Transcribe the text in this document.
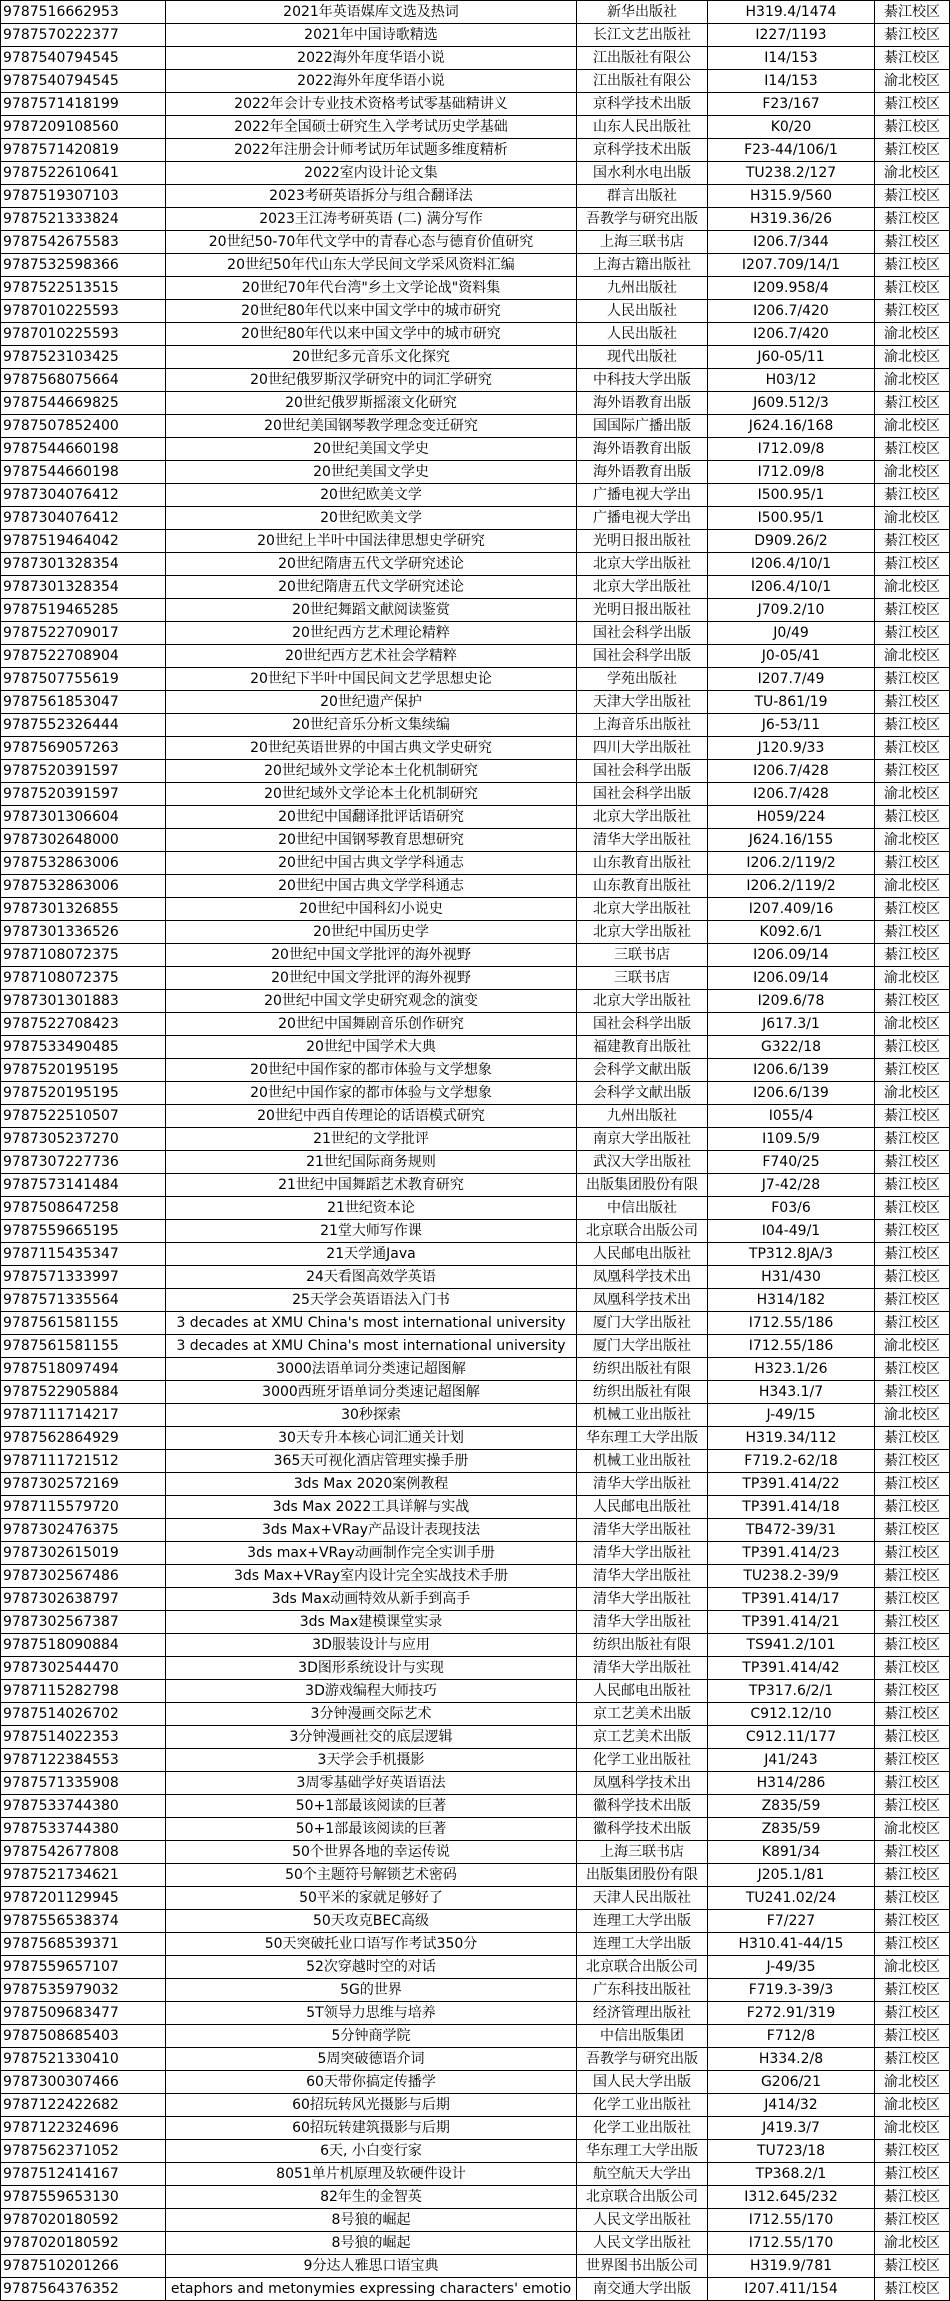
9787516662953	2021年英语媒库文选及热词	新华出版社	H319.4/1474	綦江校区
9787570222377	2021年中国诗歌精选	长江文艺出版社	I227/1193	綦江校区
9787540794545	2022海外年度华语小说	江出版社有限公	I14/153	綦江校区
9787540794545	2022海外年度华语小说	江出版社有限公	I14/153	渝北校区
9787571418199	2022年会计专业技术资格考试零基础精讲义	京科学技术出版	F23/167	綦江校区
9787209108560	2022年全国硕士研究生入学考试历史学基础	山东人民出版社	K0/20	綦江校区
9787571420819	2022年注册会计师考试历年试题多维度精析	京科学技术出版	F23-44/106/1	綦江校区
9787522610641	2022室内设计论文集	国水利水电出版	TU238.2/127	渝北校区
9787519307103	2023考研英语拆分与组合翻译法	群言出版社	H315.9/560	綦江校区
9787521333824	2023王江涛考研英语 (二) 满分写作	吾教学与研究出版	H319.36/26	綦江校区
9787542675583	20世纪50-70年代文学中的青春心态与德育价值研究	上海三联书店	I206.7/344	綦江校区
9787532598366	20世纪50年代山东大学民间文学采风资料汇编	上海古籍出版社	I207.709/14/1	綦江校区
9787522513515	20世纪70年代台湾"乡土文学论战"资料集	九州出版社	I209.958/4	綦江校区
9787010225593	20世纪80年代以来中国文学中的城市研究	人民出版社	I206.7/420	綦江校区
9787010225593	20世纪80年代以来中国文学中的城市研究	人民出版社	I206.7/420	渝北校区
9787523103425	20世纪多元音乐文化探究	现代出版社	J60-05/11	渝北校区
9787568075664	20世纪俄罗斯汉学研究中的词汇学研究	中科技大学出版	H03/12	渝北校区
9787544669825	20世纪俄罗斯摇滚文化研究	海外语教育出版	J609.512/3	綦江校区
9787507852400	20世纪美国钢琴教学理念变迁研究	国国际广播出版	J624.16/168	渝北校区
9787544660198	20世纪美国文学史	海外语教育出版	I712.09/8	綦江校区
9787544660198	20世纪美国文学史	海外语教育出版	I712.09/8	渝北校区
9787304076412	20世纪欧美文学	广播电视大学出	I500.95/1	綦江校区
9787304076412	20世纪欧美文学	广播电视大学出	I500.95/1	渝北校区
9787519464042	20世纪上半叶中国法律思想史学研究	光明日报出版社	D909.26/2	綦江校区
9787301328354	20世纪隋唐五代文学研究述论	北京大学出版社	I206.4/10/1	綦江校区
9787301328354	20世纪隋唐五代文学研究述论	北京大学出版社	I206.4/10/1	渝北校区
9787519465285	20世纪舞蹈文献阅读鉴赏	光明日报出版社	J709.2/10	綦江校区
9787522709017	20世纪西方艺术理论精粹	国社会科学出版	J0/49	綦江校区
9787522708904	20世纪西方艺术社会学精粹	国社会科学出版	J0-05/41	渝北校区
9787507755619	20世纪下半叶中国民间文艺学思想史论	学苑出版社	I207.7/49	綦江校区
9787561853047	20世纪遗产保护	天津大学出版社	TU-861/19	綦江校区
9787552326444	20世纪音乐分析文集续编	上海音乐出版社	J6-53/11	綦江校区
9787569057263	20世纪英语世界的中国古典文学史研究	四川大学出版社	J120.9/33	綦江校区
9787520391597	20世纪域外文学论本土化机制研究	国社会科学出版	I206.7/428	綦江校区
9787520391597	20世纪域外文学论本土化机制研究	国社会科学出版	I206.7/428	渝北校区
9787301306604	20世纪中国翻译批评话语研究	北京大学出版社	H059/224	綦江校区
9787302648000	20世纪中国钢琴教育思想研究	清华大学出版社	J624.16/155	渝北校区
9787532863006	20世纪中国古典文学学科通志	山东教育出版社	I206.2/119/2	綦江校区
9787532863006	20世纪中国古典文学学科通志	山东教育出版社	I206.2/119/2	渝北校区
9787301326855	20世纪中国科幻小说史	北京大学出版社	I207.409/16	綦江校区
9787301336526	20世纪中国历史学	北京大学出版社	K092.6/1	綦江校区
9787108072375	20世纪中国文学批评的海外视野	三联书店	I206.09/14	綦江校区
9787108072375	20世纪中国文学批评的海外视野	三联书店	I206.09/14	渝北校区
9787301301883	20世纪中国文学史研究观念的演变	北京大学出版社	I209.6/78	綦江校区
9787522708423	20世纪中国舞剧音乐创作研究	国社会科学出版	J617.3/1	渝北校区
9787533490485	20世纪中国学术大典	福建教育出版社	G322/18	綦江校区
9787520195195	20世纪中国作家的都市体验与文学想象	会科学文献出版	I206.6/139	綦江校区
9787520195195	20世纪中国作家的都市体验与文学想象	会科学文献出版	I206.6/139	渝北校区
9787522510507	20世纪中西自传理论的话语模式研究	九州出版社	I055/4	綦江校区
9787305237270	21世纪的文学批评	南京大学出版社	I109.5/9	綦江校区
9787307227736	21世纪国际商务规则	武汉大学出版社	F740/25	綦江校区
9787573141484	21世纪中国舞蹈艺术教育研究	出版集团股份有限	J7-42/28	綦江校区
9787508647258	21世纪资本论	中信出版社	F03/6	綦江校区
9787559665195	21堂大师写作课	北京联合出版公司	I04-49/1	綦江校区
9787115435347	21天学通Java	人民邮电出版社	TP312.8JA/3	綦江校区
9787571333997	24天看图高效学英语	凤凰科学技术出	H31/430	綦江校区
9787571335564	25天学会英语语法入门书	凤凰科学技术出	H314/182	綦江校区
9787561581155	3 decades at XMU China's most international university	厦门大学出版社	I712.55/186	綦江校区
9787561581155	3 decades at XMU China's most international university	厦门大学出版社	I712.55/186	渝北校区
9787518097494	3000法语单词分类速记超图解	纺织出版社有限	H323.1/26	綦江校区
9787522905884	3000西班牙语单词分类速记超图解	纺织出版社有限	H343.1/7	綦江校区
9787111714217	30秒探索	机械工业出版社	J-49/15	渝北校区
9787562864929	30天专升本核心词汇通关计划	华东理工大学出版	H319.34/112	綦江校区
9787111721512	365天可视化酒店管理实操手册	机械工业出版社	F719.2-62/18	綦江校区
9787302572169	3ds Max 2020案例教程	清华大学出版社	TP391.414/22	綦江校区
9787115579720	3ds Max 2022工具详解与实战	人民邮电出版社	TP391.414/18	綦江校区
9787302476375	3ds Max+VRay产品设计表现技法	清华大学出版社	TB472-39/31	綦江校区
9787302615019	3ds max+VRay动画制作完全实训手册	清华大学出版社	TP391.414/23	綦江校区
9787302567486	3ds Max+VRay室内设计完全实战技术手册	清华大学出版社	TU238.2-39/9	綦江校区
9787302638797	3ds Max动画特效从新手到高手	清华大学出版社	TP391.414/17	綦江校区
9787302567387	3ds Max建模课堂实录	清华大学出版社	TP391.414/21	綦江校区
9787518090884	3D服装设计与应用	纺织出版社有限	TS941.2/101	綦江校区
9787302544470	3D图形系统设计与实现	清华大学出版社	TP391.414/42	綦江校区
9787115282798	3D游戏编程大师技巧	人民邮电出版社	TP317.6/2/1	綦江校区
9787514026702	3分钟漫画交际艺术	京工艺美术出版	C912.12/10	綦江校区
9787514022353	3分钟漫画社交的底层逻辑	京工艺美术出版	C912.11/177	綦江校区
9787122384553	3天学会手机摄影	化学工业出版社	J41/243	綦江校区
9787571335908	3周零基础学好英语语法	凤凰科学技术出	H314/286	綦江校区
9787533744380	50+1部最该阅读的巨著	徽科学技术出版	Z835/59	綦江校区
9787533744380	50+1部最该阅读的巨著	徽科学技术出版	Z835/59	渝北校区
9787542677808	50个世界各地的幸运传说	上海三联书店	K891/34	綦江校区
9787521734621	50个主题符号解锁艺术密码	出版集团股份有限	J205.1/81	綦江校区
9787201129945	50平米的家就足够好了	天津人民出版社	TU241.02/24	綦江校区
9787556538374	50天攻克BEC高级	连理工大学出版	F7/227	綦江校区
9787568539371	50天突破托业口语写作考试350分	连理工大学出版	H310.41-44/15	綦江校区
9787559657107	52次穿越时空的对话	北京联合出版公司	J-49/35	渝北校区
9787535979032	5G的世界	广东科技出版社	F719.3-39/3	綦江校区
9787509683477	5T领导力思维与培养	经济管理出版社	F272.91/319	綦江校区
9787508685403	5分钟商学院	中信出版集团	F712/8	綦江校区
9787521330410	5周突破德语介词	吾教学与研究出版	H334.2/8	綦江校区
9787300307466	60天带你搞定传播学	国人民大学出版	G206/21	渝北校区
9787122422682	60招玩转风光摄影与后期	化学工业出版社	J414/32	渝北校区
9787122324696	60招玩转建筑摄影与后期	化学工业出版社	J419.3/7	渝北校区
9787562371052	6天, 小白变行家	华东理工大学出版	TU723/18	綦江校区
9787512414167	8051单片机原理及软硬件设计	航空航天大学出	TP368.2/1	綦江校区
9787559653130	82年生的金智英	北京联合出版公司	I312.645/232	綦江校区
9787020180592	8号狼的崛起	人民文学出版社	I712.55/170	綦江校区
9787020180592	8号狼的崛起	人民文学出版社	I712.55/170	渝北校区
9787510201266	9分达人雅思口语宝典	世界图书出版公司	H319.9/781	綦江校区
9787564376352	etaphors and metonymies expressing characters' emotio	南交通大学出版	I207.411/154	綦江校区
